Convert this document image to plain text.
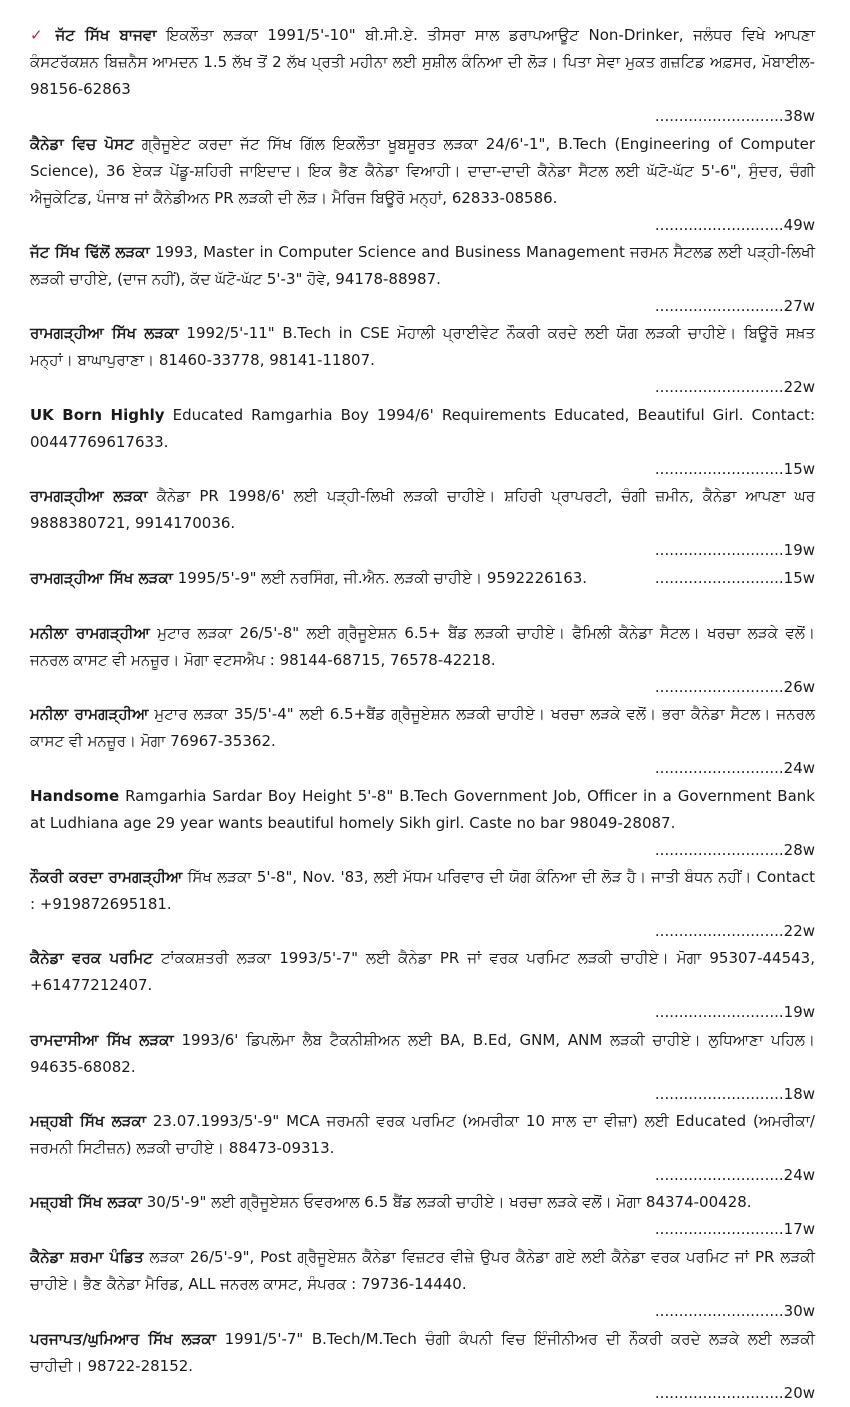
✓ ਜੱਟ ਸਿੱਖ ਬਾਜਵਾ ਇਕਲੌਤਾ ਲੜਕਾ 1991/5'-10" ਬੀ.ਸੀ.ਏ. ਤੀਸਰਾ ਸਾਲ ਡਰਾਪਆਊਟ Non-Drinker, ਜਲੰਧਰ ਵਿਖੇ ਆਪਣਾ ਕੰਸਟਰੱਕਸ਼ਨ ਬਿਜ਼ਨੈਸ ਆਮਦਨ 1.5 ਲੱਖ ਤੋਂ 2 ਲੱਖ ਪ੍ਰਤੀ ਮਹੀਨਾ ਲਈ ਸੁਸ਼ੀਲ ਕੰਨਿਆ ਦੀ ਲੋੜ। ਪਿਤਾ ਸੇਵਾ ਮੁਕਤ ਗਜ਼ਟਿਡ ਅਫ਼ਸਰ, ਮੋਬਾਈਲ- 98156-62863
...........................38w
ਕੈਨੇਡਾ ਵਿਚ ਪੋਸਟ ਗ੍ਰੈਜੂਏਟ ਕਰਦਾ ਜੱਟ ਸਿੱਖ ਗਿੱਲ ਇਕਲੌਤਾ ਖੂਬਸੂਰਤ ਲੜਕਾ 24/6'-1", B.Tech (Engineering of Computer Science), 36 ਏਕੜ ਪੇਂਡੂ-ਸ਼ਹਿਰੀ ਜਾਇਦਾਦ। ਇਕ ਭੈਣ ਕੈਨੇਡਾ ਵਿਆਹੀ। ਦਾਦਾ-ਦਾਦੀ ਕੈਨੇਡਾ ਸੈਟਲ ਲਈ ਘੱਟੋ-ਘੱਟ 5'-6", ਸੁੰਦਰ, ਚੰਗੀ ਐਜੂਕੇਟਿਡ, ਪੰਜਾਬ ਜਾਂ ਕੈਨੇਡੀਅਨ PR ਲੜਕੀ ਦੀ ਲੋੜ। ਮੈਰਿਜ ਬਿਊਰੋ ਮਨ੍ਹਾਂ, 62833-08586.
...........................49w
ਜੱਟ ਸਿੱਖ ਢਿੱਲੋਂ ਲੜਕਾ 1993, Master in Computer Science and Business Management ਜਰਮਨ ਸੈਟਲਡ ਲਈ ਪੜ੍ਹੀ-ਲਿਖੀ ਲੜਕੀ ਚਾਹੀਏ, (ਦਾਜ ਨਹੀਂ), ਕੱਦ ਘੱਟੋ-ਘੱਟ 5'-3" ਹੋਵੇ, 94178-88987.
...........................27w
ਰਾਮਗੜ੍ਹੀਆ ਸਿੱਖ ਲੜਕਾ 1992/5'-11" B.Tech in CSE ਮੋਹਾਲੀ ਪ੍ਰਾਈਵੇਟ ਨੌਕਰੀ ਕਰਦੇ ਲਈ ਯੋਗ ਲੜਕੀ ਚਾਹੀਏ। ਬਿਊਰੋ ਸਖ਼ਤ ਮਨ੍ਹਾਂ। ਬਾਘਾਪੁਰਾਣਾ। 81460-33778, 98141-11807.
...........................22w
UK Born Highly Educated Ramgarhia Boy 1994/6' Requirements Educated, Beautiful Girl. Contact: 00447769617633.
...........................15w
ਰਾਮਗੜ੍ਹੀਆ ਲੜਕਾ ਕੈਨੇਡਾ PR 1998/6' ਲਈ ਪੜ੍ਹੀ-ਲਿਖੀ ਲੜਕੀ ਚਾਹੀਏ। ਸ਼ਹਿਰੀ ਪ੍ਰਾਪਰਟੀ, ਚੰਗੀ ਜ਼ਮੀਨ, ਕੈਨੇਡਾ ਆਪਣਾ ਘਰ 9888380721, 9914170036.
...........................19w
ਰਾਮਗੜ੍ਹੀਆ ਸਿੱਖ ਲੜਕਾ 1995/5'-9" ਲਈ ਨਰਸਿੰਗ, ਜੀ.ਐਨ. ਲੜਕੀ ਚਾਹੀਏ। 9592226163.	...........................15w
ਮਨੀਲਾ ਰਾਮਗੜ੍ਹੀਆ ਮੁਟਾਰ ਲੜਕਾ 26/5'-8" ਲਈ ਗ੍ਰੈਜੂਏਸ਼ਨ 6.5+ ਬੈਂਡ ਲੜਕੀ ਚਾਹੀਏ। ਫੈਮਿਲੀ ਕੈਨੇਡਾ ਸੈਟਲ। ਖਰਚਾ ਲੜਕੇ ਵਲੋਂ। ਜਨਰਲ ਕਾਸਟ ਵੀ ਮਨਜ਼ੂਰ। ਮੋਗਾ ਵਟਸਐਪ : 98144-68715, 76578-42218.
...........................26w
ਮਨੀਲਾ ਰਾਮਗੜ੍ਹੀਆ ਮੁਟਾਰ ਲੜਕਾ 35/5'-4" ਲਈ 6.5+ਬੈਂਡ ਗ੍ਰੈਜੂਏਸ਼ਨ ਲੜਕੀ ਚਾਹੀਏ। ਖਰਚਾ ਲੜਕੇ ਵਲੋਂ। ਭਰਾ ਕੈਨੇਡਾ ਸੈਟਲ। ਜਨਰਲ ਕਾਸਟ ਵੀ ਮਨਜ਼ੂਰ। ਮੋਗਾ 76967-35362.
...........................24w
Handsome Ramgarhia Sardar Boy Height 5'-8" B.Tech Government Job, Officer in a Government Bank at Ludhiana age 29 year wants beautiful homely Sikh girl. Caste no bar 98049-28087.
...........................28w
ਨੌਕਰੀ ਕਰਦਾ ਰਾਮਗੜ੍ਹੀਆ ਸਿੱਖ ਲੜਕਾ 5'-8", Nov. '83, ਲਈ ਮੱਧਮ ਪਰਿਵਾਰ ਦੀ ਯੋਗ ਕੰਨਿਆ ਦੀ ਲੋੜ ਹੈ। ਜਾਤੀ ਬੰਧਨ ਨਹੀਂ। Contact : +919872695181.
...........................22w
ਕੈਨੇਡਾ ਵਰਕ ਪਰਮਿਟ ਟਾਂਕਕਸ਼ਤਰੀ ਲੜਕਾ 1993/5'-7" ਲਈ ਕੈਨੇਡਾ PR ਜਾਂ ਵਰਕ ਪਰਮਿਟ ਲੜਕੀ ਚਾਹੀਏ। ਮੋਗਾ 95307-44543, +61477212407.
...........................19w
ਰਾਮਦਾਸੀਆ ਸਿੱਖ ਲੜਕਾ 1993/6' ਡਿਪਲੋਮਾ ਲੈਬ ਟੈਕਨੀਸ਼ੀਅਨ ਲਈ BA, B.Ed, GNM, ANM ਲੜਕੀ ਚਾਹੀਏ। ਲੁਧਿਆਣਾ ਪਹਿਲ। 94635-68082.
...........................18w
ਮਜ਼੍ਹਬੀ ਸਿੱਖ ਲੜਕਾ 23.07.1993/5'-9" MCA ਜਰਮਨੀ ਵਰਕ ਪਰਮਿਟ (ਅਮਰੀਕਾ 10 ਸਾਲ ਦਾ ਵੀਜ਼ਾ) ਲਈ Educated (ਅਮਰੀਕਾ/ਜਰਮਨੀ ਸਿਟੀਜ਼ਨ) ਲੜਕੀ ਚਾਹੀਏ। 88473-09313.
...........................24w
ਮਜ਼੍ਹਬੀ ਸਿੱਖ ਲੜਕਾ 30/5'-9" ਲਈ ਗ੍ਰੈਜੂਏਸ਼ਨ ਓਵਰਆਲ 6.5 ਬੈਂਡ ਲੜਕੀ ਚਾਹੀਏ। ਖਰਚਾ ਲੜਕੇ ਵਲੋਂ। ਮੋਗਾ 84374-00428.
...........................17w
ਕੈਨੇਡਾ ਸ਼ਰਮਾ ਪੰਡਿਤ ਲੜਕਾ 26/5'-9", Post ਗ੍ਰੈਜੂਏਸ਼ਨ ਕੈਨੇਡਾ ਵਿਜ਼ਟਰ ਵੀਜ਼ੇ ਉਪਰ ਕੈਨੇਡਾ ਗਏ ਲਈ ਕੈਨੇਡਾ ਵਰਕ ਪਰਮਿਟ ਜਾਂ PR ਲੜਕੀ ਚਾਹੀਏ। ਭੈਣ ਕੈਨੇਡਾ ਮੈਰਿਡ, ALL ਜਨਰਲ ਕਾਸਟ, ਸੰਪਰਕ : 79736-14440.
...........................30w
ਪਰਜਾਪਤ/ਘੁਮਿਆਰ ਸਿੱਖ ਲੜਕਾ 1991/5'-7" B.Tech/M.Tech ਚੰਗੀ ਕੰਪਨੀ ਵਿਚ ਇੰਜੀਨੀਅਰ ਦੀ ਨੌਕਰੀ ਕਰਦੇ ਲੜਕੇ ਲਈ ਲੜਕੀ ਚਾਹੀਦੀ। 98722-28152.
...........................20w
